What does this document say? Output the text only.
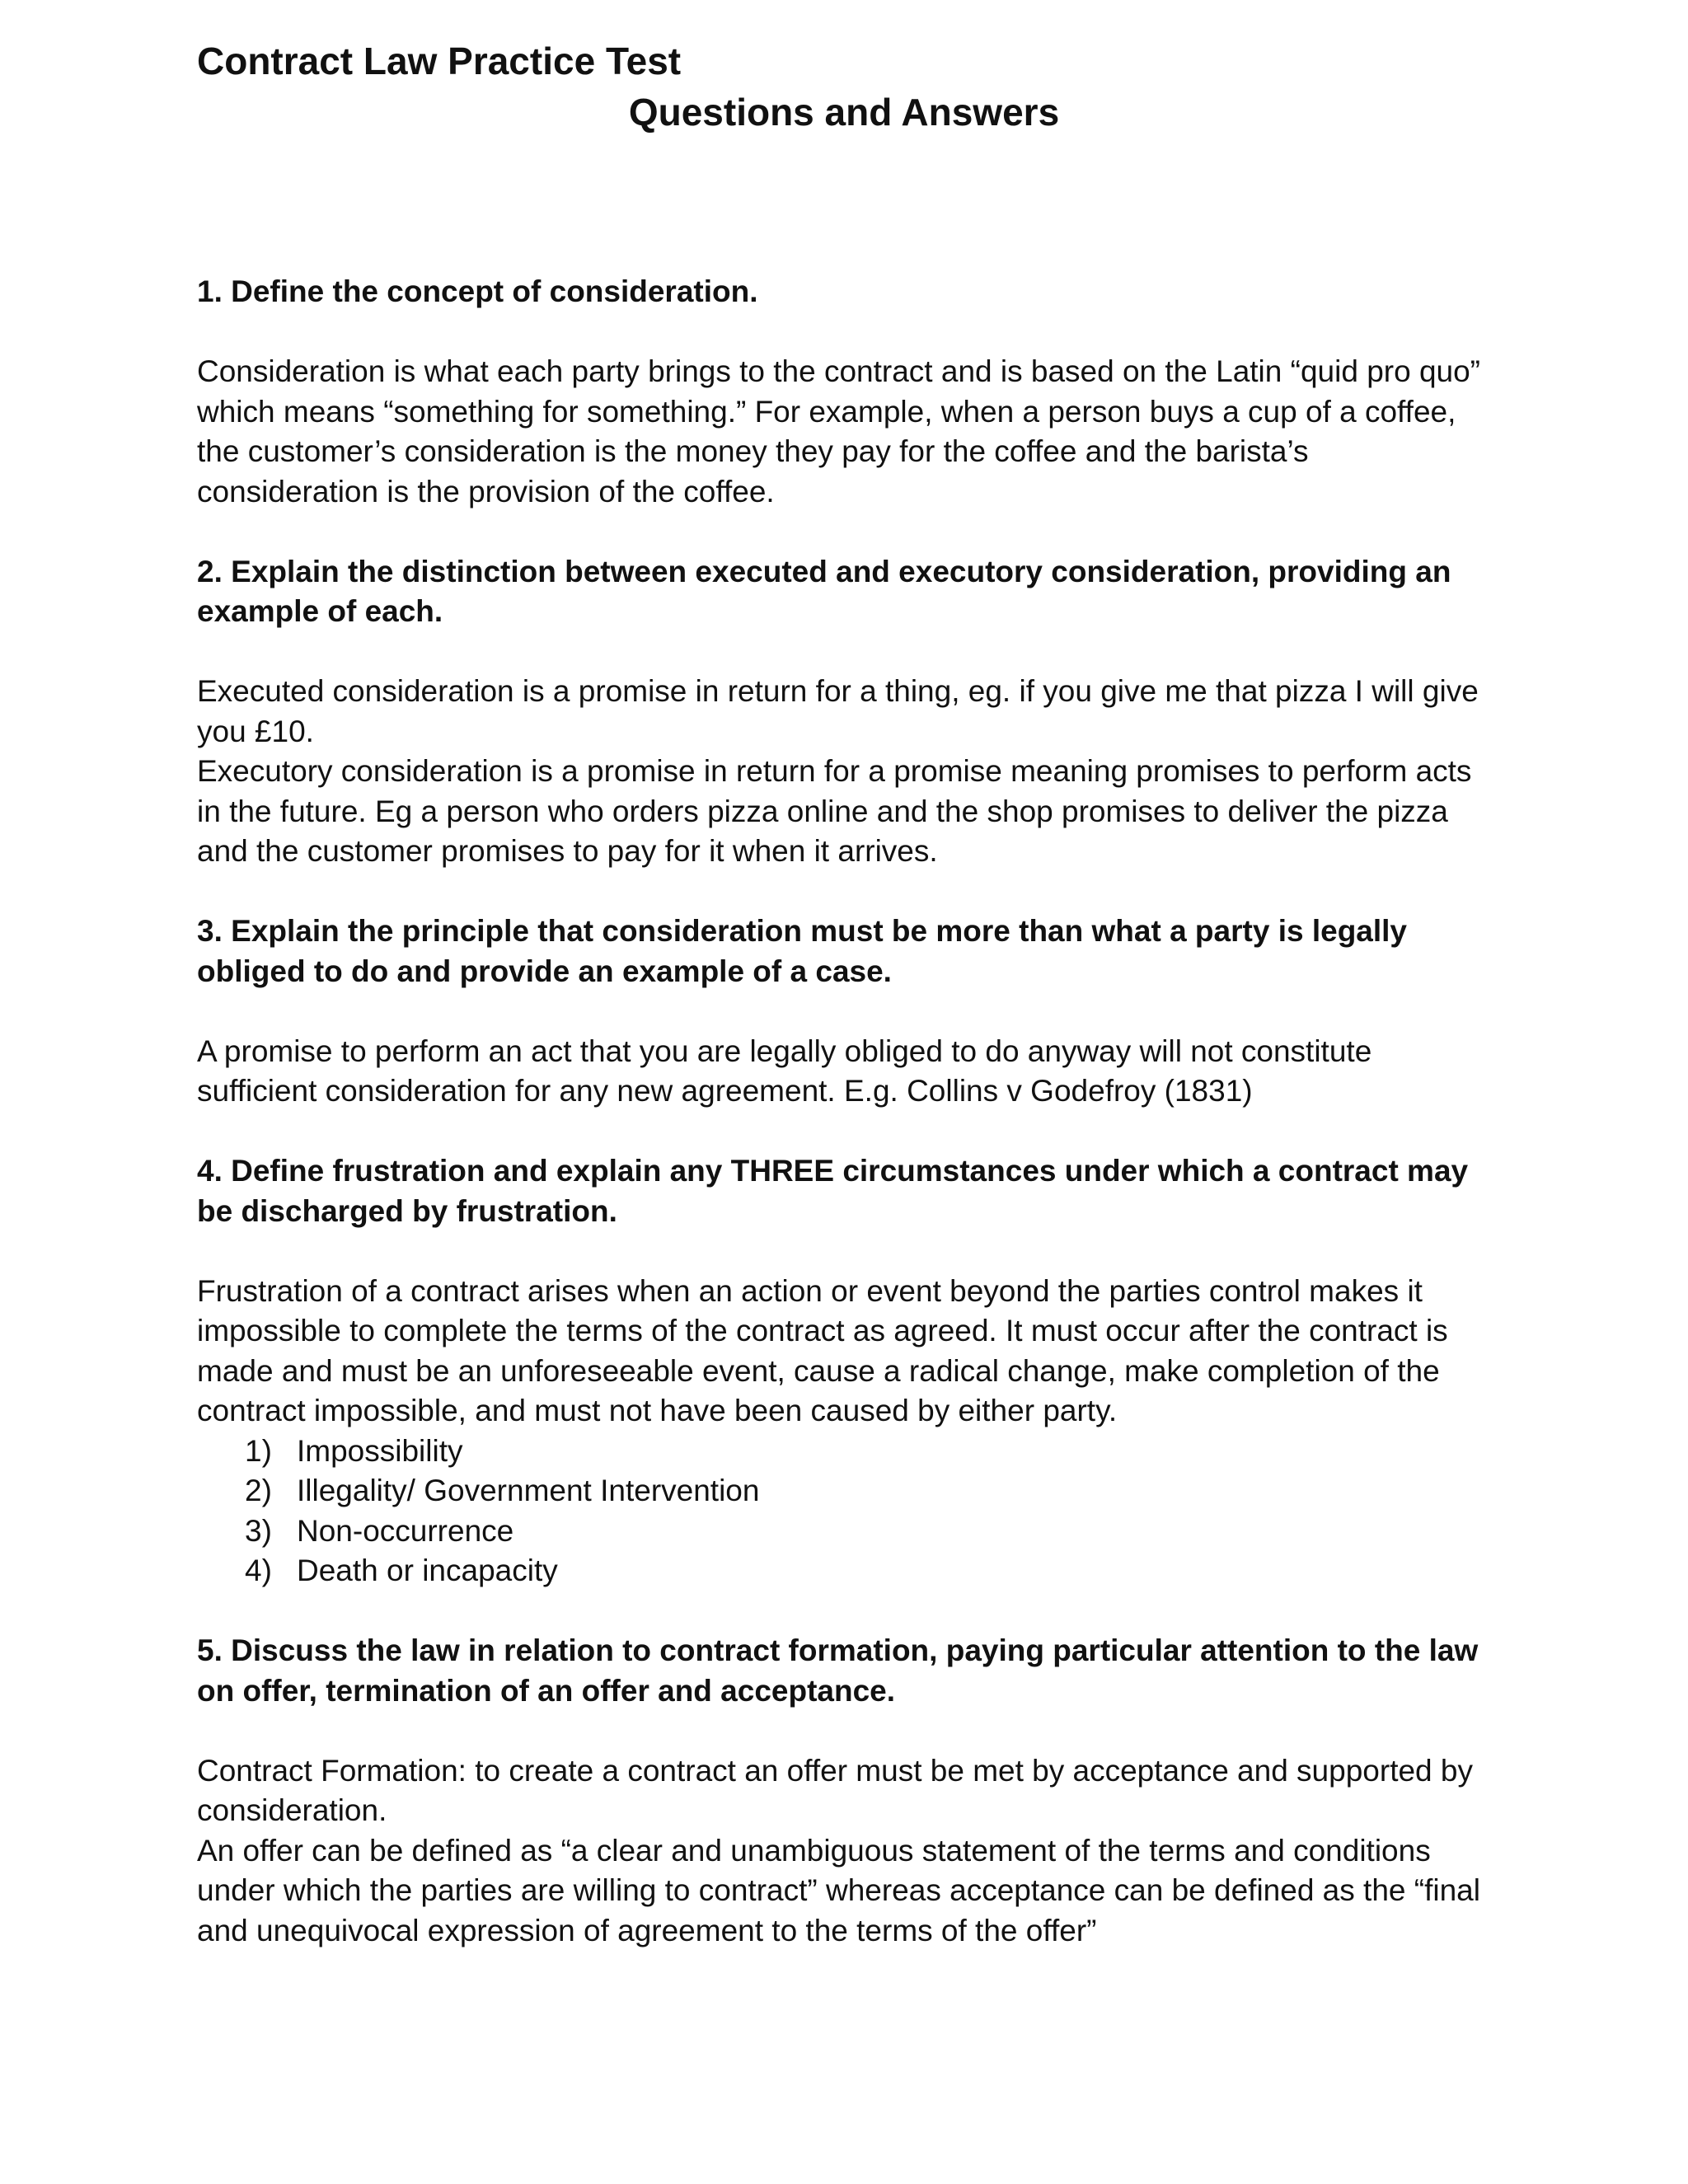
Contract Law Practice Test
Questions and Answers

1. Define the concept of consideration.

Consideration is what each party brings to the contract and is based on the Latin “quid pro quo” which means “something for something.” For example, when a person buys a cup of a coffee, the customer’s consideration is the money they pay for the coffee and the barista’s consideration is the provision of the coffee.

2. Explain the distinction between executed and executory consideration, providing an example of each.

Executed consideration is a promise in return for a thing, eg. if you give me that pizza I will give you £10.

Executory consideration is a promise in return for a promise meaning promises to perform acts in the future. Eg a person who orders pizza online and the shop promises to deliver the pizza and the customer promises to pay for it when it arrives.

3. Explain the principle that consideration must be more than what a party is legally obliged to do and provide an example of a case.

A promise to perform an act that you are legally obliged to do anyway will not constitute sufficient consideration for any new agreement. E.g. Collins v Godefroy (1831)

4. Define frustration and explain any THREE circumstances under which a contract may be discharged by frustration.

Frustration of a contract arises when an action or event beyond the parties control makes it impossible to complete the terms of the contract as agreed. It must occur after the contract is made and must be an unforeseeable event, cause a radical change, make completion of the contract impossible, and must not have been caused by either party.

1) Impossibility
2) Illegality/ Government Intervention
3) Non-occurrence
4) Death or incapacity

5. Discuss the law in relation to contract formation, paying particular attention to the law on offer, termination of an offer and acceptance.

Contract Formation: to create a contract an offer must be met by acceptance and supported by consideration.

An offer can be defined as “a clear and unambiguous statement of the terms and conditions under which the parties are willing to contract” whereas acceptance can be defined as the “final and unequivocal expression of agreement to the terms of the offer”
